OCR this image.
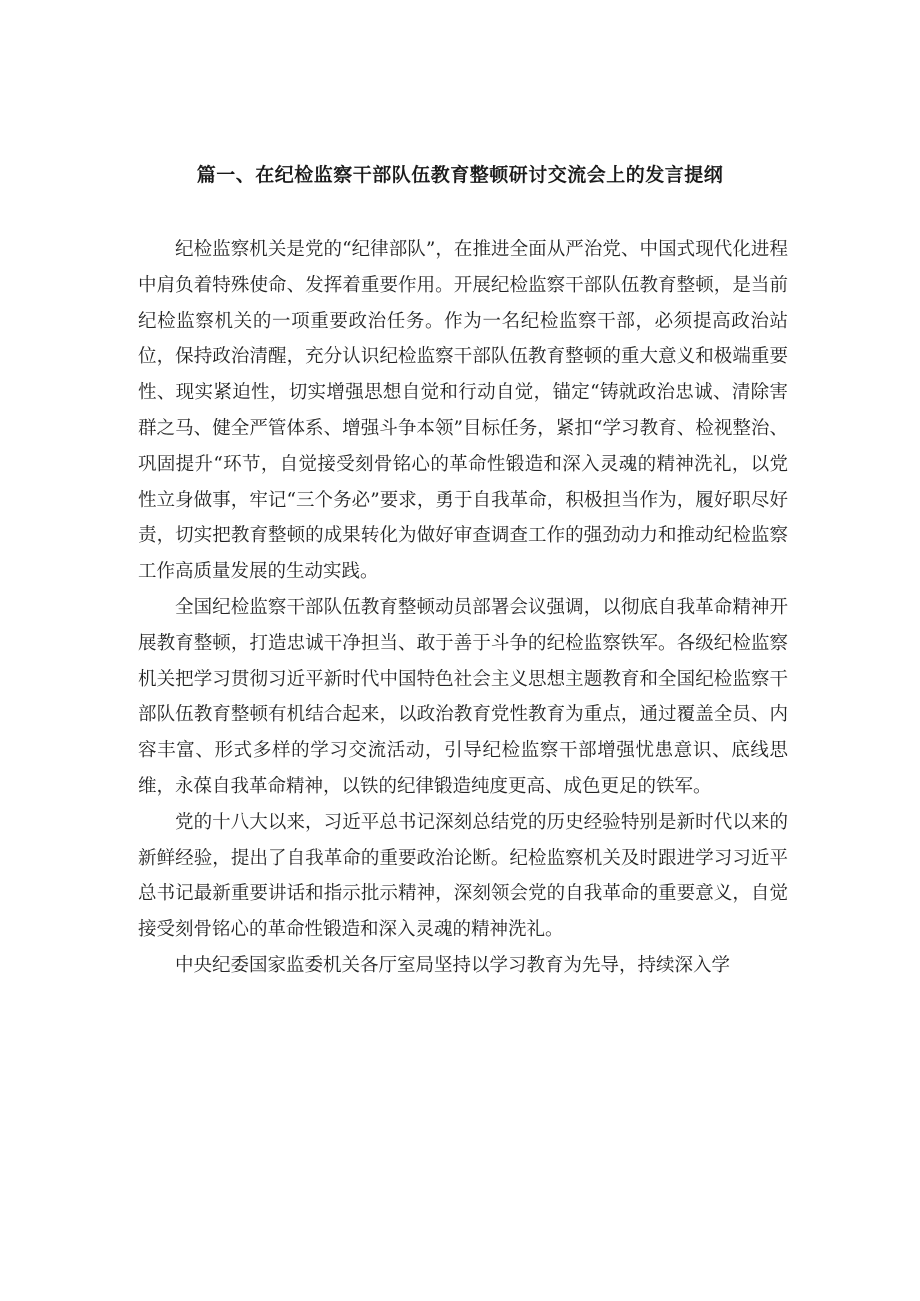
篇一、在纪检监察干部队伍教育整顿研讨交流会上的发言提纲

纪检监察机关是党的“纪律部队”，在推进全面从严治党、中国式现代化进程中肩负着特殊使命、发挥着重要作用。开展纪检监察干部队伍教育整顿，是当前纪检监察机关的一项重要政治任务。作为一名纪检监察干部，必须提高政治站位，保持政治清醒，充分认识纪检监察干部队伍教育整顿的重大意义和极端重要性、现实紧迫性，切实增强思想自觉和行动自觉，锚定“铸就政治忠诚、清除害群之马、健全严管体系、增强斗争本领”目标任务，紧扣“学习教育、检视整治、巩固提升“环节，自觉接受刻骨铭心的革命性锻造和深入灵魂的精神洗礼，以党性立身做事，牢记“三个务必”要求，勇于自我革命，积极担当作为，履好职尽好责，切实把教育整顿的成果转化为做好审查调查工作的强劲动力和推动纪检监察工作高质量发展的生动实践。

全国纪检监察干部队伍教育整顿动员部署会议强调，以彻底自我革命精神开展教育整顿，打造忠诚干净担当、敢于善于斗争的纪检监察铁军。各级纪检监察机关把学习贯彻习近平新时代中国特色社会主义思想主题教育和全国纪检监察干部队伍教育整顿有机结合起来，以政治教育党性教育为重点，通过覆盖全员、内容丰富、形式多样的学习交流活动，引导纪检监察干部增强忧患意识、底线思维，永葆自我革命精神，以铁的纪律锻造纯度更高、成色更足的铁军。

党的十八大以来，习近平总书记深刻总结党的历史经验特别是新时代以来的新鲜经验，提出了自我革命的重要政治论断。纪检监察机关及时跟进学习习近平总书记最新重要讲话和指示批示精神，深刻领会党的自我革命的重要意义，自觉接受刻骨铭心的革命性锻造和深入灵魂的精神洗礼。

中央纪委国家监委机关各厅室局坚持以学习教育为先导，持续深入学
